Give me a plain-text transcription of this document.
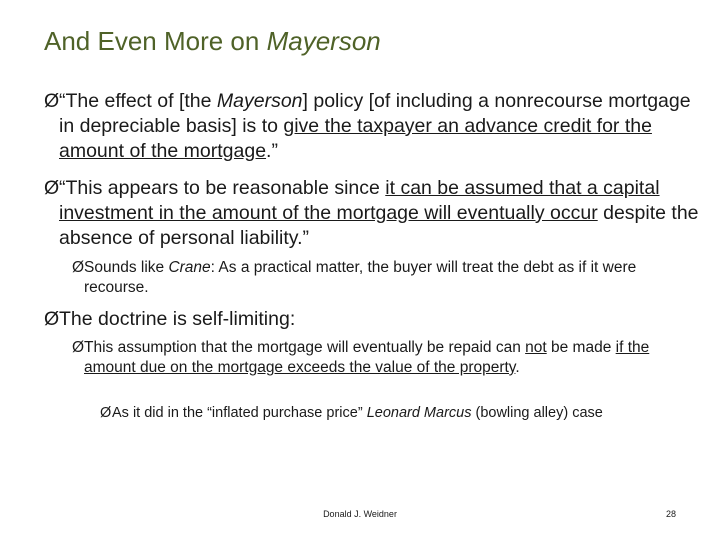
And Even More on Mayerson
Ø“The effect of [the Mayerson] policy [of including a nonrecourse mortgage in depreciable basis] is to give the taxpayer an advance credit for the amount of the mortgage.”
Ø“This appears to be reasonable since it can be assumed that a capital investment in the amount of the mortgage will eventually occur despite the absence of personal liability.”
ØSounds like Crane: As a practical matter, the buyer will treat the debt as if it were recourse.
ØThe doctrine is self-limiting:
ØThis assumption that the mortgage will eventually be repaid can not be made if the amount due on the mortgage exceeds the value of the property.
ØAs it did in the “inflated purchase price” Leonard Marcus (bowling alley) case
Donald J. Weidner	28
